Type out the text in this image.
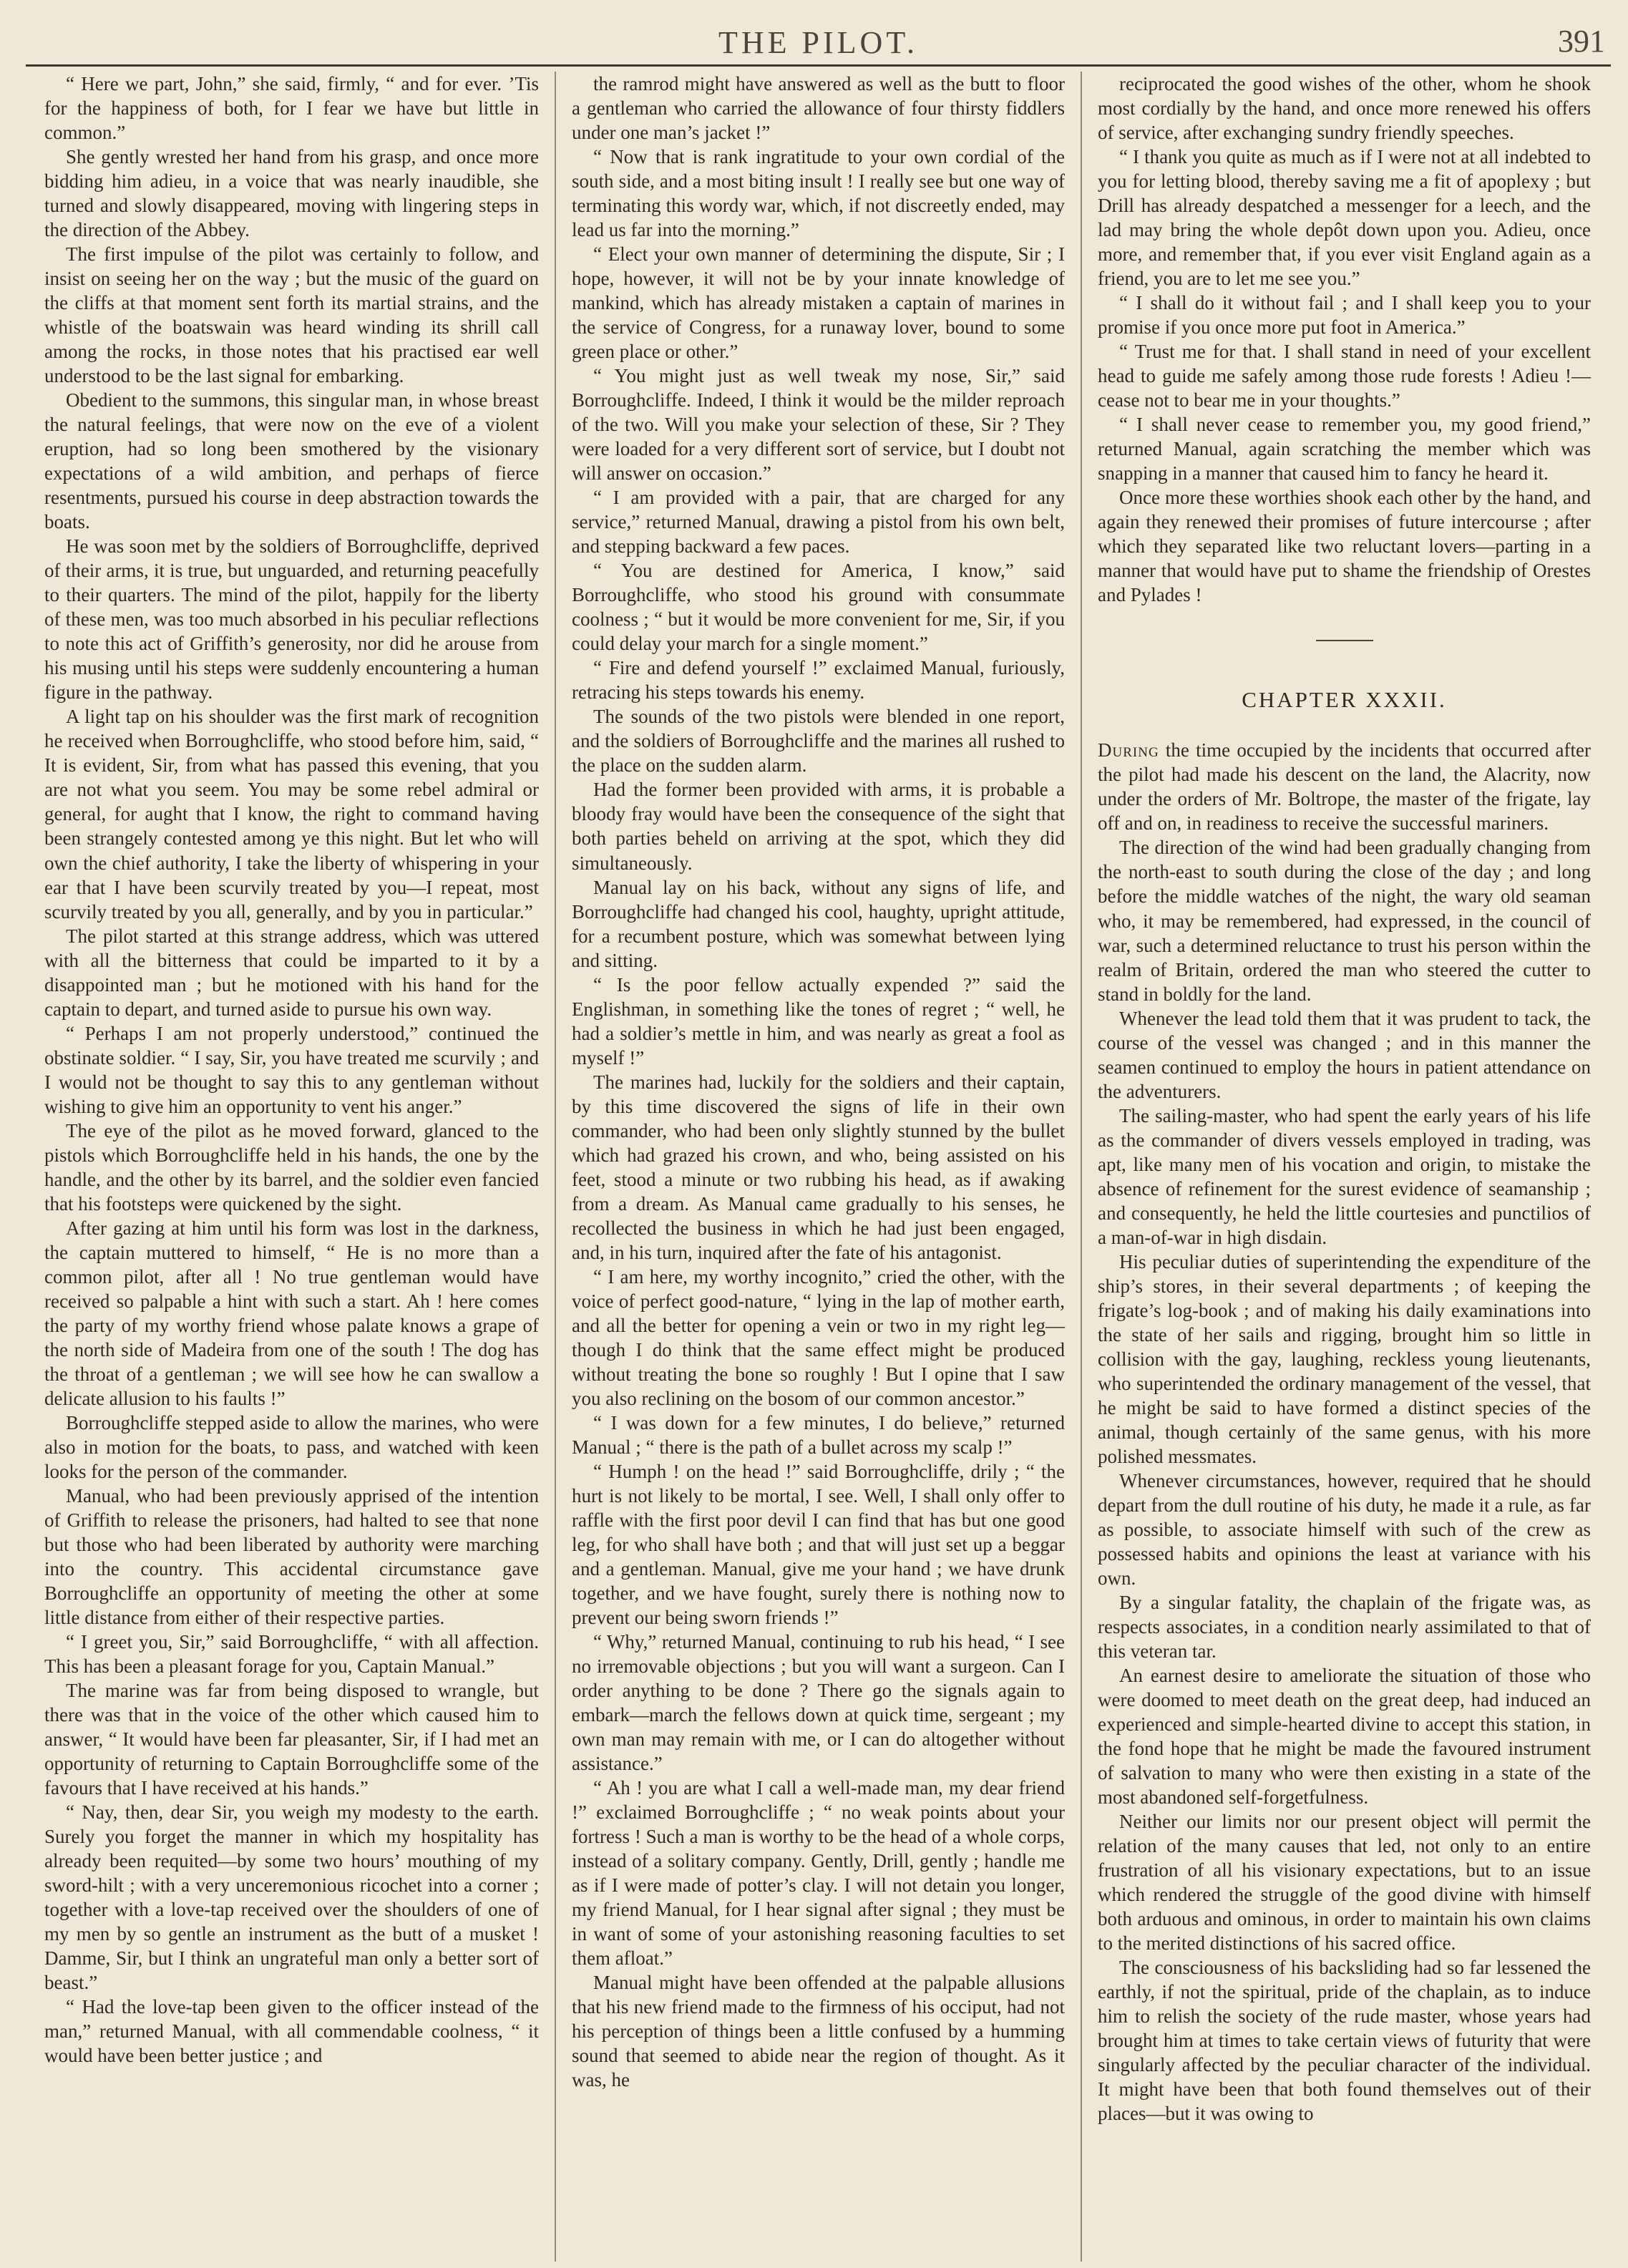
THE PILOT.	391

“ Here we part, John,” she said, firmly, “ and for ever. ’Tis for the happiness of both, for I fear we have but little in common.”

She gently wrested her hand from his grasp, and once more bidding him adieu, in a voice that was nearly inaudible, she turned and slowly disappeared, moving with lingering steps in the direction of the Abbey.

The first impulse of the pilot was certainly to follow, and insist on seeing her on the way ; but the music of the guard on the cliffs at that moment sent forth its martial strains, and the whistle of the boatswain was heard winding its shrill call among the rocks, in those notes that his practised ear well understood to be the last signal for embarking.

Obedient to the summons, this singular man, in whose breast the natural feelings, that were now on the eve of a violent eruption, had so long been smothered by the visionary expectations of a wild ambition, and perhaps of fierce resentments, pursued his course in deep abstraction towards the boats.

He was soon met by the soldiers of Borroughcliffe, deprived of their arms, it is true, but unguarded, and returning peacefully to their quarters. The mind of the pilot, happily for the liberty of these men, was too much absorbed in his peculiar reflections to note this act of Griffith’s generosity, nor did he arouse from his musing until his steps were suddenly encountering a human figure in the pathway.

A light tap on his shoulder was the first mark of recognition he received when Borroughcliffe, who stood before him, said, “ It is evident, Sir, from what has passed this evening, that you are not what you seem. You may be some rebel admiral or general, for aught that I know, the right to command having been strangely contested among ye this night. But let who will own the chief authority, I take the liberty of whispering in your ear that I have been scurvily treated by you—I repeat, most scurvily treated by you all, generally, and by you in particular.”

The pilot started at this strange address, which was uttered with all the bitterness that could be imparted to it by a disappointed man ; but he motioned with his hand for the captain to depart, and turned aside to pursue his own way.

“ Perhaps I am not properly understood,” continued the obstinate soldier. “ I say, Sir, you have treated me scurvily ; and I would not be thought to say this to any gentleman without wishing to give him an opportunity to vent his anger.”

The eye of the pilot as he moved forward, glanced to the pistols which Borroughcliffe held in his hands, the one by the handle, and the other by its barrel, and the soldier even fancied that his footsteps were quickened by the sight.

After gazing at him until his form was lost in the darkness, the captain muttered to himself, “ He is no more than a common pilot, after all ! No true gentleman would have received so palpable a hint with such a start. Ah ! here comes the party of my worthy friend whose palate knows a grape of the north side of Madeira from one of the south ! The dog has the throat of a gentleman ; we will see how he can swallow a delicate allusion to his faults !”

Borroughcliffe stepped aside to allow the marines, who were also in motion for the boats, to pass, and watched with keen looks for the person of the commander.

Manual, who had been previously apprised of the intention of Griffith to release the prisoners, had halted to see that none but those who had been liberated by authority were marching into the country. This accidental circumstance gave Borroughcliffe an opportunity of meeting the other at some little distance from either of their respective parties.

“ I greet you, Sir,” said Borroughcliffe, “ with all affection. This has been a pleasant forage for you, Captain Manual.”

The marine was far from being disposed to wrangle, but there was that in the voice of the other which caused him to answer, “ It would have been far pleasanter, Sir, if I had met an opportunity of returning to Captain Borroughcliffe some of the favours that I have received at his hands.”

“ Nay, then, dear Sir, you weigh my modesty to the earth. Surely you forget the manner in which my hospitality has already been requited—by some two hours’ mouthing of my sword-hilt ; with a very unceremonious ricochet into a corner ; together with a love-tap received over the shoulders of one of my men by so gentle an instrument as the butt of a musket ! Damme, Sir, but I think an ungrateful man only a better sort of beast.”

“ Had the love-tap been given to the officer instead of the man,” returned Manual, with all commendable coolness, “ it would have been better justice ; and

the ramrod might have answered as well as the butt to floor a gentleman who carried the allowance of four thirsty fiddlers under one man’s jacket !”

“ Now that is rank ingratitude to your own cordial of the south side, and a most biting insult ! I really see but one way of terminating this wordy war, which, if not discreetly ended, may lead us far into the morning.”

“ Elect your own manner of determining the dispute, Sir ; I hope, however, it will not be by your innate knowledge of mankind, which has already mistaken a captain of marines in the service of Congress, for a runaway lover, bound to some green place or other.”

“ You might just as well tweak my nose, Sir,” said Borroughcliffe. Indeed, I think it would be the milder reproach of the two. Will you make your selection of these, Sir ? They were loaded for a very different sort of service, but I doubt not will answer on occasion.”

“ I am provided with a pair, that are charged for any service,” returned Manual, drawing a pistol from his own belt, and stepping backward a few paces.

“ You are destined for America, I know,” said Borroughcliffe, who stood his ground with consummate coolness ; “ but it would be more convenient for me, Sir, if you could delay your march for a single moment.”

“ Fire and defend yourself !” exclaimed Manual, furiously, retracing his steps towards his enemy.

The sounds of the two pistols were blended in one report, and the soldiers of Borroughcliffe and the marines all rushed to the place on the sudden alarm.

Had the former been provided with arms, it is probable a bloody fray would have been the consequence of the sight that both parties beheld on arriving at the spot, which they did simultaneously.

Manual lay on his back, without any signs of life, and Borroughcliffe had changed his cool, haughty, upright attitude, for a recumbent posture, which was somewhat between lying and sitting.

“ Is the poor fellow actually expended ?” said the Englishman, in something like the tones of regret ; “ well, he had a soldier’s mettle in him, and was nearly as great a fool as myself !”

The marines had, luckily for the soldiers and their captain, by this time discovered the signs of life in their own commander, who had been only slightly stunned by the bullet which had grazed his crown, and who, being assisted on his feet, stood a minute or two rubbing his head, as if awaking from a dream. As Manual came gradually to his senses, he recollected the business in which he had just been engaged, and, in his turn, inquired after the fate of his antagonist.

“ I am here, my worthy incognito,” cried the other, with the voice of perfect good-nature, “ lying in the lap of mother earth, and all the better for opening a vein or two in my right leg—though I do think that the same effect might be produced without treating the bone so roughly ! But I opine that I saw you also reclining on the bosom of our common ancestor.”

“ I was down for a few minutes, I do believe,” returned Manual ; “ there is the path of a bullet across my scalp !”

“ Humph ! on the head !” said Borroughcliffe, drily ; “ the hurt is not likely to be mortal, I see. Well, I shall only offer to raffle with the first poor devil I can find that has but one good leg, for who shall have both ; and that will just set up a beggar and a gentleman. Manual, give me your hand ; we have drunk together, and we have fought, surely there is nothing now to prevent our being sworn friends !”

“ Why,” returned Manual, continuing to rub his head, “ I see no irremovable objections ; but you will want a surgeon. Can I order anything to be done ? There go the signals again to embark—march the fellows down at quick time, sergeant ; my own man may remain with me, or I can do altogether without assistance.”

“ Ah ! you are what I call a well-made man, my dear friend !” exclaimed Borroughcliffe ; “ no weak points about your fortress ! Such a man is worthy to be the head of a whole corps, instead of a solitary company. Gently, Drill, gently ; handle me as if I were made of potter’s clay. I will not detain you longer, my friend Manual, for I hear signal after signal ; they must be in want of some of your astonishing reasoning faculties to set them afloat.”

Manual might have been offended at the palpable allusions that his new friend made to the firmness of his occiput, had not his perception of things been a little confused by a humming sound that seemed to abide near the region of thought. As it was, he

reciprocated the good wishes of the other, whom he shook most cordially by the hand, and once more renewed his offers of service, after exchanging sundry friendly speeches.

“ I thank you quite as much as if I were not at all indebted to you for letting blood, thereby saving me a fit of apoplexy ; but Drill has already despatched a messenger for a leech, and the lad may bring the whole depôt down upon you. Adieu, once more, and remember that, if you ever visit England again as a friend, you are to let me see you.”

“ I shall do it without fail ; and I shall keep you to your promise if you once more put foot in America.”

“ Trust me for that. I shall stand in need of your excellent head to guide me safely among those rude forests ! Adieu !—cease not to bear me in your thoughts.”

“ I shall never cease to remember you, my good friend,” returned Manual, again scratching the member which was snapping in a manner that caused him to fancy he heard it.

Once more these worthies shook each other by the hand, and again they renewed their promises of future intercourse ; after which they separated like two reluctant lovers—parting in a manner that would have put to shame the friendship of Orestes and Pylades !

CHAPTER XXXII.

During the time occupied by the incidents that occurred after the pilot had made his descent on the land, the Alacrity, now under the orders of Mr. Boltrope, the master of the frigate, lay off and on, in readiness to receive the successful mariners.

The direction of the wind had been gradually changing from the north-east to south during the close of the day ; and long before the middle watches of the night, the wary old seaman who, it may be remembered, had expressed, in the council of war, such a determined reluctance to trust his person within the realm of Britain, ordered the man who steered the cutter to stand in boldly for the land.

Whenever the lead told them that it was prudent to tack, the course of the vessel was changed ; and in this manner the seamen continued to employ the hours in patient attendance on the adventurers.

The sailing-master, who had spent the early years of his life as the commander of divers vessels employed in trading, was apt, like many men of his vocation and origin, to mistake the absence of refinement for the surest evidence of seamanship ; and consequently, he held the little courtesies and punctilios of a man-of-war in high disdain.

His peculiar duties of superintending the expenditure of the ship’s stores, in their several departments ; of keeping the frigate’s log-book ; and of making his daily examinations into the state of her sails and rigging, brought him so little in collision with the gay, laughing, reckless young lieutenants, who superintended the ordinary management of the vessel, that he might be said to have formed a distinct species of the animal, though certainly of the same genus, with his more polished messmates.

Whenever circumstances, however, required that he should depart from the dull routine of his duty, he made it a rule, as far as possible, to associate himself with such of the crew as possessed habits and opinions the least at variance with his own.

By a singular fatality, the chaplain of the frigate was, as respects associates, in a condition nearly assimilated to that of this veteran tar.

An earnest desire to ameliorate the situation of those who were doomed to meet death on the great deep, had induced an experienced and simple-hearted divine to accept this station, in the fond hope that he might be made the favoured instrument of salvation to many who were then existing in a state of the most abandoned self-forgetfulness.

Neither our limits nor our present object will permit the relation of the many causes that led, not only to an entire frustration of all his visionary expectations, but to an issue which rendered the struggle of the good divine with himself both arduous and ominous, in order to maintain his own claims to the merited distinctions of his sacred office.

The consciousness of his backsliding had so far lessened the earthly, if not the spiritual, pride of the chaplain, as to induce him to relish the society of the rude master, whose years had brought him at times to take certain views of futurity that were singularly affected by the peculiar character of the individual. It might have been that both found themselves out of their places—but it was owing to
